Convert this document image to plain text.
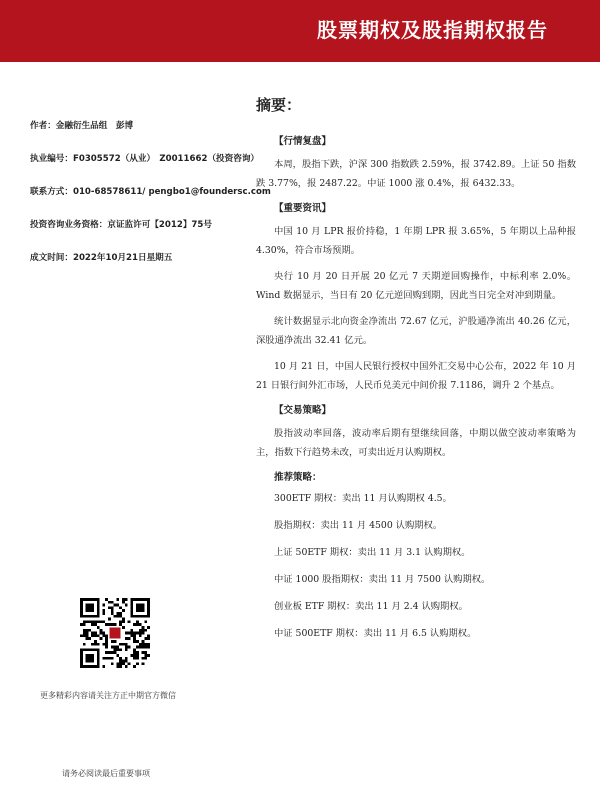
股票期权及股指期权报告
作者：金融衍生品组　彭博
执业编号：F0305572（从业）　Z0011662（投资咨询）
联系方式：010-68578611/ pengbo1@foundersc.com
投资咨询业务资格：京证监许可【2012】75号
成文时间：2022年10月21日星期五
摘要：
【行情复盘】

本周，股指下跌，沪深 300 指数跌 2.59%，报 3742.89。上证 50 指数跌 3.77%，报 2487.22。中证 1000 涨 0.4%，报 6432.33。

【重要资讯】

中国 10 月 LPR 报价持稳，1 年期 LPR 报 3.65%，5 年期以上品种报 4.30%，符合市场预期。

央行 10 月 20 日开展 20 亿元 7 天期逆回购操作，中标利率 2.0%。Wind 数据显示，当日有 20 亿元逆回购到期，因此当日完全对冲到期量。

统计数据显示北向资金净流出 72.67 亿元，沪股通净流出 40.26 亿元，深股通净流出 32.41 亿元。

10 月 21 日，中国人民银行授权中国外汇交易中心公布，2022 年 10 月 21 日银行间外汇市场，人民币兑美元中间价报 7.1186，调升 2 个基点。

【交易策略】

股指波动率回落，波动率后期有望继续回落，中期以做空波动率策略为主，指数下行趋势未改，可卖出近月认购期权。

推荐策略：
300ETF 期权：卖出 11 月认购期权 4.5。
股指期权：卖出 11 月 4500 认购期权。
上证 50ETF 期权：卖出 11 月 3.1 认购期权。
中证 1000 股指期权：卖出 11 月 7500 认购期权。
创业板 ETF 期权：卖出 11 月 2.4 认购期权。
中证 500ETF 期权：卖出 11 月 6.5 认购期权。
更多精彩内容请关注方正中期官方微信
请务必阅读最后重要事项
